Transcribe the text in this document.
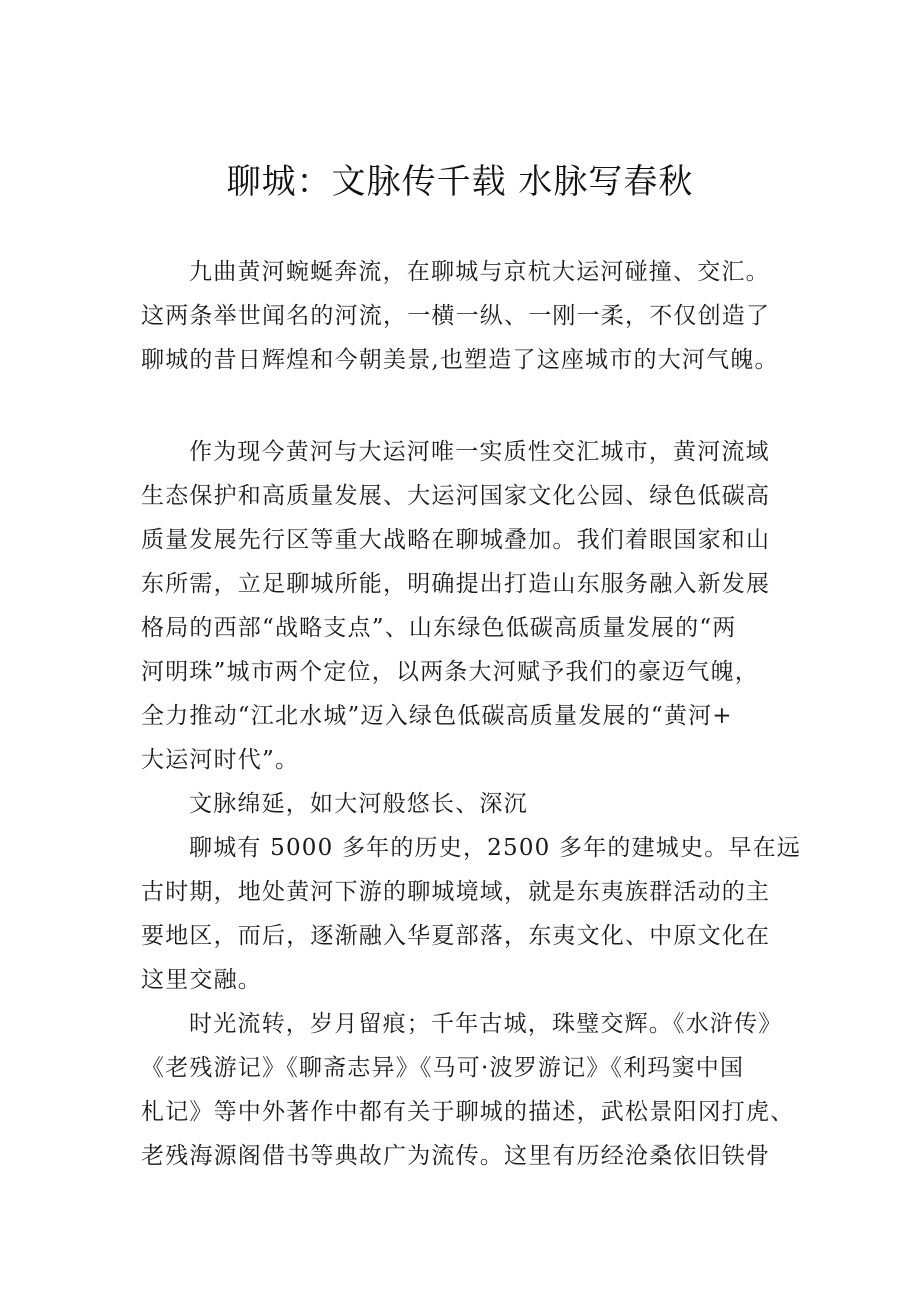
聊城：文脉传千载 水脉写春秋
九曲黄河蜿蜒奔流，在聊城与京杭大运河碰撞、交汇。
这两条举世闻名的河流，一横一纵、一刚一柔，不仅创造了
聊城的昔日辉煌和今朝美景,也塑造了这座城市的大河气魄。
作为现今黄河与大运河唯一实质性交汇城市，黄河流域
生态保护和高质量发展、大运河国家文化公园、绿色低碳高
质量发展先行区等重大战略在聊城叠加。我们着眼国家和山
东所需，立足聊城所能，明确提出打造山东服务融入新发展
格局的西部“战略支点”、山东绿色低碳高质量发展的“两
河明珠”城市两个定位，以两条大河赋予我们的豪迈气魄，
全力推动“江北水城”迈入绿色低碳高质量发展的“黄河+
大运河时代”。
文脉绵延，如大河般悠长、深沉
聊城有 5000 多年的历史，2500 多年的建城史。早在远
古时期，地处黄河下游的聊城境域，就是东夷族群活动的主
要地区，而后，逐渐融入华夏部落，东夷文化、中原文化在
这里交融。
时光流转，岁月留痕；千年古城，珠璧交辉。《水浒传》
《老残游记》《聊斋志异》《马可·波罗游记》《利玛窦中国
札记》等中外著作中都有关于聊城的描述，武松景阳冈打虎、
老残海源阁借书等典故广为流传。这里有历经沧桑依旧铁骨
